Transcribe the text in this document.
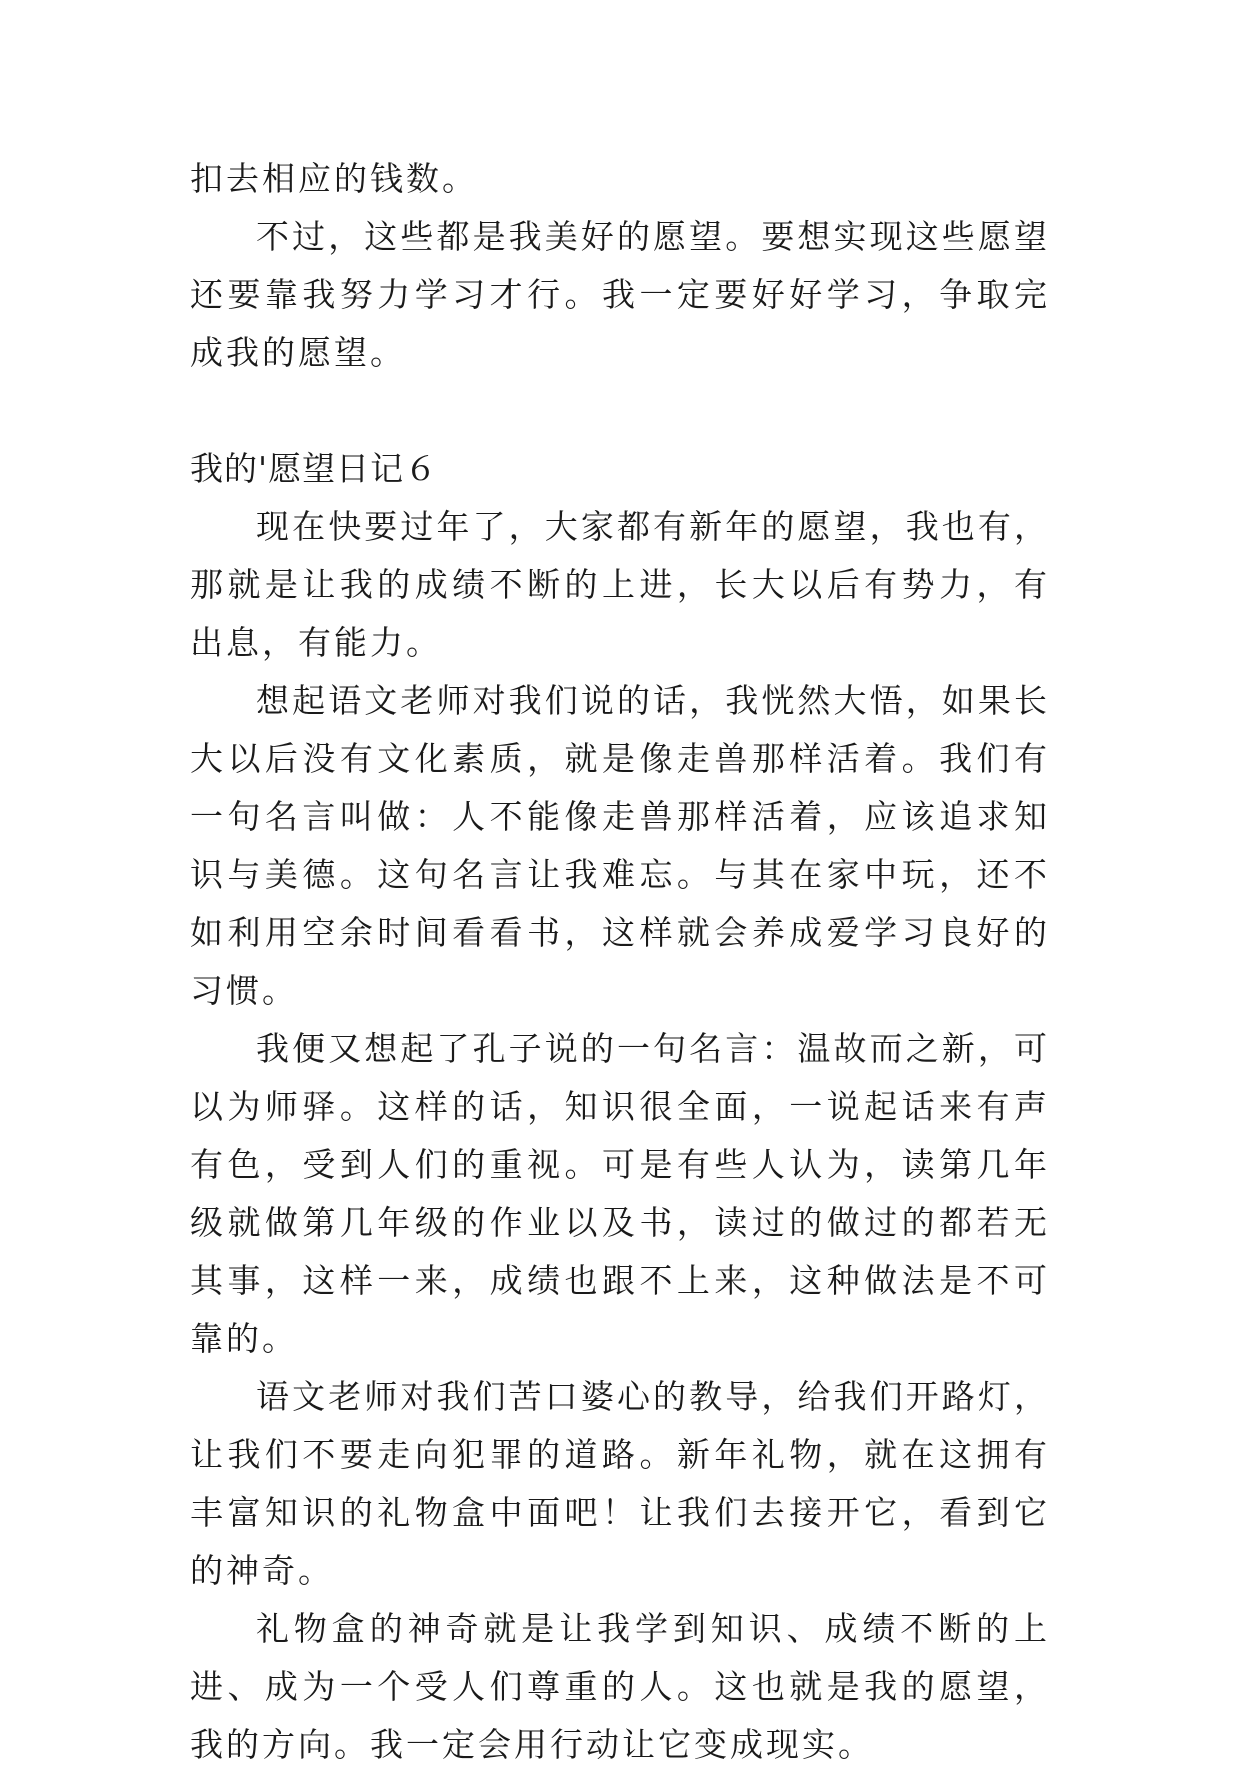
扣去相应的钱数。

不过，这些都是我美好的愿望。要想实现这些愿望还要靠我努力学习才行。我一定要好好学习，争取完成我的愿望。

我的'愿望日记６

现在快要过年了，大家都有新年的愿望，我也有，那就是让我的成绩不断的上进，长大以后有势力，有出息，有能力。

想起语文老师对我们说的话，我恍然大悟，如果长大以后没有文化素质，就是像走兽那样活着。我们有一句名言叫做：人不能像走兽那样活着，应该追求知识与美德。这句名言让我难忘。与其在家中玩，还不如利用空余时间看看书，这样就会养成爱学习良好的习惯。

我便又想起了孔子说的一句名言：温故而之新，可以为师驿。这样的话，知识很全面，一说起话来有声有色，受到人们的重视。可是有些人认为，读第几年级就做第几年级的作业以及书，读过的做过的都若无其事，这样一来，成绩也跟不上来，这种做法是不可靠的。

语文老师对我们苦口婆心的教导，给我们开路灯，让我们不要走向犯罪的道路。新年礼物，就在这拥有丰富知识的礼物盒中面吧！让我们去接开它，看到它的神奇。

礼物盒的神奇就是让我学到知识、成绩不断的上进、成为一个受人们尊重的人。这也就是我的愿望，我的方向。我一定会用行动让它变成现实。
